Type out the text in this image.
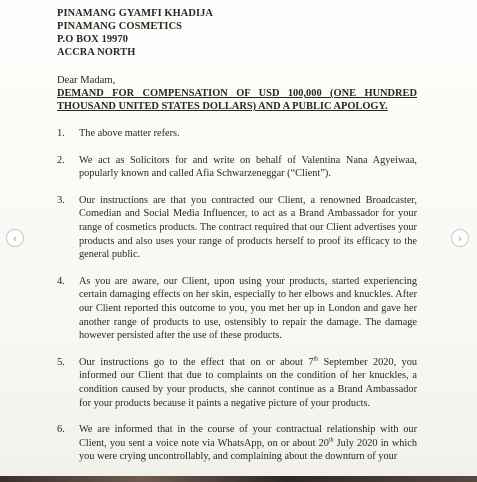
PINAMANG GYAMFI KHADIJA
PINAMANG COSMETICS
P.O BOX 19970
ACCRA NORTH
Dear Madam,
DEMAND FOR COMPENSATION OF USD 100,000 (ONE HUNDRED
THOUSAND UNITED STATES DOLLARS) AND A PUBLIC APOLOGY.
1.	The above matter refers.
2.	We act as Solicitors for and write on behalf of Valentina Nana Agyeiwaa, popularly known and called Afia Schwarzeneggar (“Client”).
3.	Our instructions are that you contracted our Client, a renowned Broadcaster, Comedian and Social Media Influencer, to act as a Brand Ambassador for your range of cosmetics products. The contract required that our Client advertises your products and also uses your range of products herself to proof its efficacy to the general public.
4.	As you are aware, our Client, upon using your products, started experiencing certain damaging effects on her skin, especially to her elbows and knuckles. After our Client reported this outcome to you, you met her up in London and gave her another range of products to use, ostensibly to repair the damage. The damage however persisted after the use of these products.
5.	Our instructions go to the effect that on or about 7th September 2020, you informed our Client that due to complaints on the condition of her knuckles, a condition caused by your products, she cannot continue as a Brand Ambassador for your products because it paints a negative picture of your products.
6.	We are informed that in the course of your contractual relationship with our Client, you sent a voice note via WhatsApp, on or about 20th July 2020 in which you were crying uncontrollably, and complaining about the downturn of your
‹	›
